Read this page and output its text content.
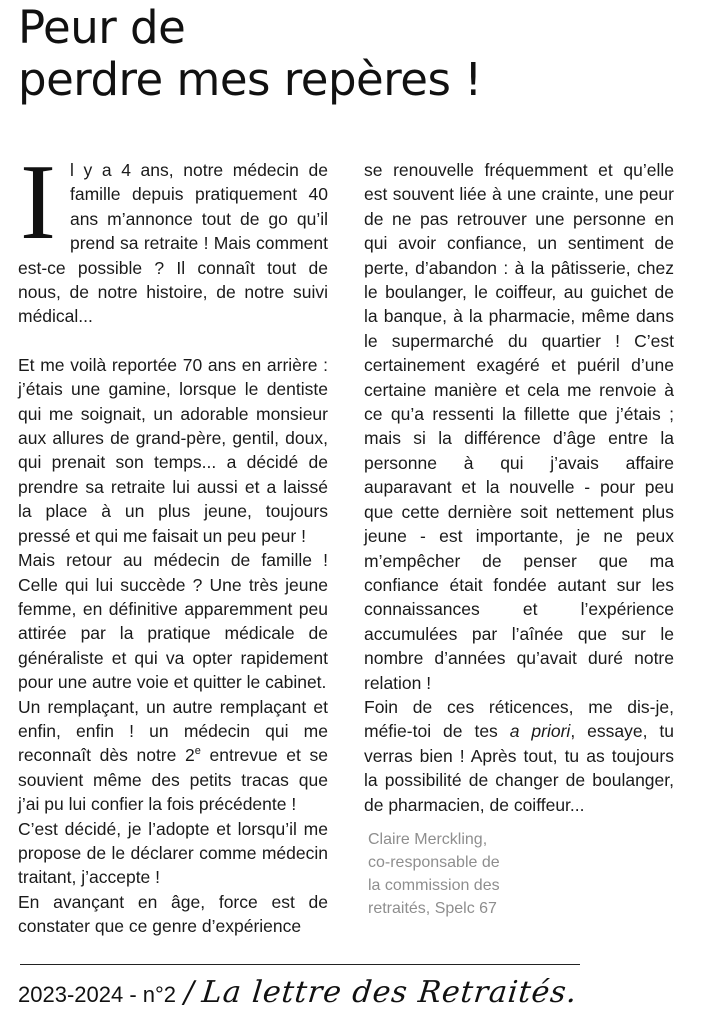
Peur de
perdre mes repères !

Il y a 4 ans, notre médecin de famille depuis pratiquement 40 ans m’annonce tout de go qu’il prend sa retraite ! Mais comment est-ce possible ? Il connaît tout de nous, de notre histoire, de notre suivi médical...

Et me voilà reportée 70 ans en arrière : j’étais une gamine, lorsque le dentiste qui me soignait, un adorable monsieur aux allures de grand-père, gentil, doux, qui prenait son temps... a décidé de prendre sa retraite lui aussi et a laissé la place à un plus jeune, toujours pressé et qui me faisait un peu peur !

Mais retour au médecin de famille ! Celle qui lui succède ? Une très jeune femme, en définitive apparemment peu attirée par la pratique médicale de généraliste et qui va opter rapidement pour une autre voie et quitter le cabinet.

Un remplaçant, un autre remplaçant et enfin, enfin ! un médecin qui me reconnaît dès notre 2e entrevue et se souvient même des petits tracas que j’ai pu lui confier la fois précédente !

C’est décidé, je l’adopte et lorsqu’il me propose de le déclarer comme médecin traitant, j’accepte !

En avançant en âge, force est de constater que ce genre d’expérience

se renouvelle fréquemment et qu’elle est souvent liée à une crainte, une peur de ne pas retrouver une personne en qui avoir confiance, un sentiment de perte, d’abandon : à la pâtisserie, chez le boulanger, le coiffeur, au guichet de la banque, à la pharmacie, même dans le supermarché du quartier ! C’est certainement exagéré et puéril d’une certaine manière et cela me renvoie à ce qu’a ressenti la fillette que j’étais ; mais si la différence d’âge entre la personne à qui j’avais affaire auparavant et la nouvelle - pour peu que cette dernière soit nettement plus jeune - est importante, je ne peux m’empêcher de penser que ma confiance était fondée autant sur les connaissances et l’expérience accumulées par l’aînée que sur le nombre d’années qu’avait duré notre relation !

Foin de ces réticences, me dis-je, méfie-toi de tes a priori, essaye, tu verras bien ! Après tout, tu as toujours la possibilité de changer de boulanger, de pharmacien, de coiffeur...

Claire Merckling,
co-responsable de
la commission des
retraités, Spelc 67
2023-2024 - n°2 / La lettre des Retraités.
